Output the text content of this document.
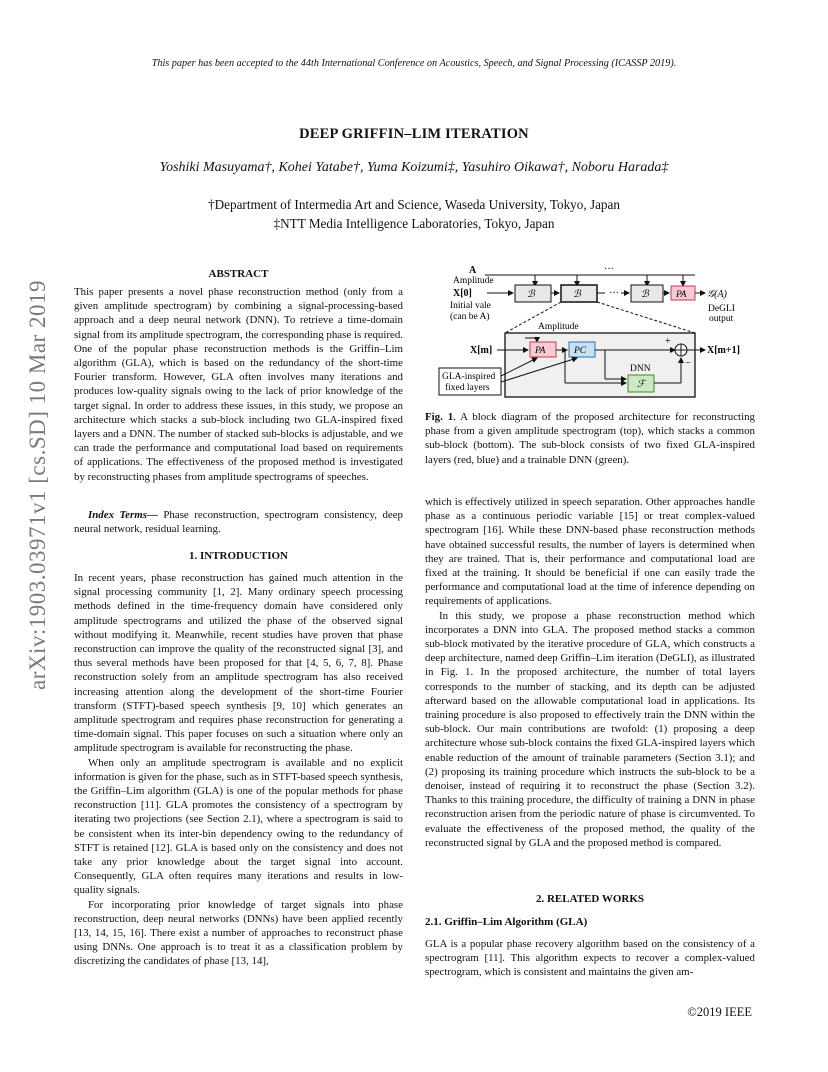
This paper has been accepted to the 44th International Conference on Acoustics, Speech, and Signal Processing (ICASSP 2019).
DEEP GRIFFIN–LIM ITERATION
Yoshiki Masuyama†, Kohei Yatabe†, Yuma Koizumi‡, Yasuhiro Oikawa†, Noboru Harada‡
†Department of Intermedia Art and Science, Waseda University, Tokyo, Japan
‡NTT Media Intelligence Laboratories, Tokyo, Japan
arXiv:1903.03971v1 [cs.SD] 10 Mar 2019
ABSTRACT

This paper presents a novel phase reconstruction method (only from a given amplitude spectrogram) by combining a signal-processing-based approach and a deep neural network (DNN). To retrieve a time-domain signal from its amplitude spectrogram, the corresponding phase is required. One of the popular phase reconstruction methods is the Griffin–Lim algorithm (GLA), which is based on the redundancy of the short-time Fourier transform. However, GLA often involves many iterations and produces low-quality signals owing to the lack of prior knowledge of the target signal. In order to address these issues, in this study, we propose an architecture which stacks a sub-block including two GLA-inspired fixed layers and a DNN. The number of stacked sub-blocks is adjustable, and we can trade the performance and computational load based on requirements of applications. The effectiveness of the proposed method is investigated by reconstructing phases from amplitude spectrograms of speeches.

Index Terms— Phase reconstruction, spectrogram consistency, deep neural network, residual learning.
1. INTRODUCTION

In recent years, phase reconstruction has gained much attention in the signal processing community [1, 2]. Many ordinary speech processing methods defined in the time-frequency domain have considered only amplitude spectrograms and utilized the phase of the observed signal without modifying it. Meanwhile, recent studies have proven that phase reconstruction can improve the quality of the reconstructed signal [3], and thus several methods have been proposed for that [4, 5, 6, 7, 8]. Phase reconstruction solely from an amplitude spectrogram has also received increasing attention along the development of the short-time Fourier transform (STFT)-based speech synthesis [9, 10] which generates an amplitude spectrogram and requires phase reconstruction for generating a time-domain signal. This paper focuses on such a situation where only an amplitude spectrogram is available for reconstructing the phase.

When only an amplitude spectrogram is available and no explicit information is given for the phase, such as in STFT-based speech synthesis, the Griffin–Lim algorithm (GLA) is one of the popular methods for phase reconstruction [11]. GLA promotes the consistency of a spectrogram by iterating two projections (see Section 2.1), where a spectrogram is said to be consistent when its inter-bin dependency owing to the redundancy of STFT is retained [12]. GLA is based only on the consistency and does not take any prior knowledge about the target signal into account. Consequently, GLA often requires many iterations and results in low-quality signals.

For incorporating prior knowledge of target signals into phase reconstruction, deep neural networks (DNNs) have been applied recently [13, 14, 15, 16]. There exist a number of approaches to reconstruct phase using DNNs. One approach is to treat it as a classification problem by discretizing the candidates of phase [13, 14],

A
Amplitude
···
X[0]
Initial vale
(can be A)
ℬ	ℬ	··· ℬ	PA 𝒢(A)
DeGLI
output
Amplitude
X[m]	PA	PC
+
−
X[m+1]
DNN
ℱ
GLA-inspired
fixed layers
Fig. 1. A block diagram of the proposed architecture for reconstructing phase from a given amplitude spectrogram (top), which stacks a common sub-block (bottom). The sub-block consists of two fixed GLA-inspired layers (red, blue) and a trainable DNN (green).

which is effectively utilized in speech separation. Other approaches handle phase as a continuous periodic variable [15] or treat complex-valued spectrogram [16]. While these DNN-based phase reconstruction methods have obtained successful results, the number of layers is determined when they are trained. That is, their performance and computational load are fixed at the training. It should be beneficial if one can easily trade the performance and computational load at the time of inference depending on requirements of applications.

In this study, we propose a phase reconstruction method which incorporates a DNN into GLA. The proposed method stacks a common sub-block motivated by the iterative procedure of GLA, which constructs a deep architecture, named deep Griffin–Lim iteration (DeGLI), as illustrated in Fig. 1. In the proposed architecture, the number of total layers corresponds to the number of stacking, and its depth can be adjusted afterward based on the allowable computational load in applications. Its training procedure is also proposed to effectively train the DNN within the sub-block. Our main contributions are twofold: (1) proposing a deep architecture whose sub-block contains the fixed GLA-inspired layers which enable reduction of the amount of trainable parameters (Section 3.1); and (2) proposing its training procedure which instructs the sub-block to be a denoiser, instead of requiring it to reconstruct the phase (Section 3.2). Thanks to this training procedure, the difficulty of training a DNN in phase reconstruction arisen from the periodic nature of phase is circumvented. To evaluate the effectiveness of the proposed method, the quality of the reconstructed signal by GLA and the proposed method is compared.

2. RELATED WORKS
2.1. Griffin–Lim Algorithm (GLA)

GLA is a popular phase recovery algorithm based on the consistency of a spectrogram [11]. This algorithm expects to recover a complex-valued spectrogram, which is consistent and maintains the given am-

©2019 IEEE
